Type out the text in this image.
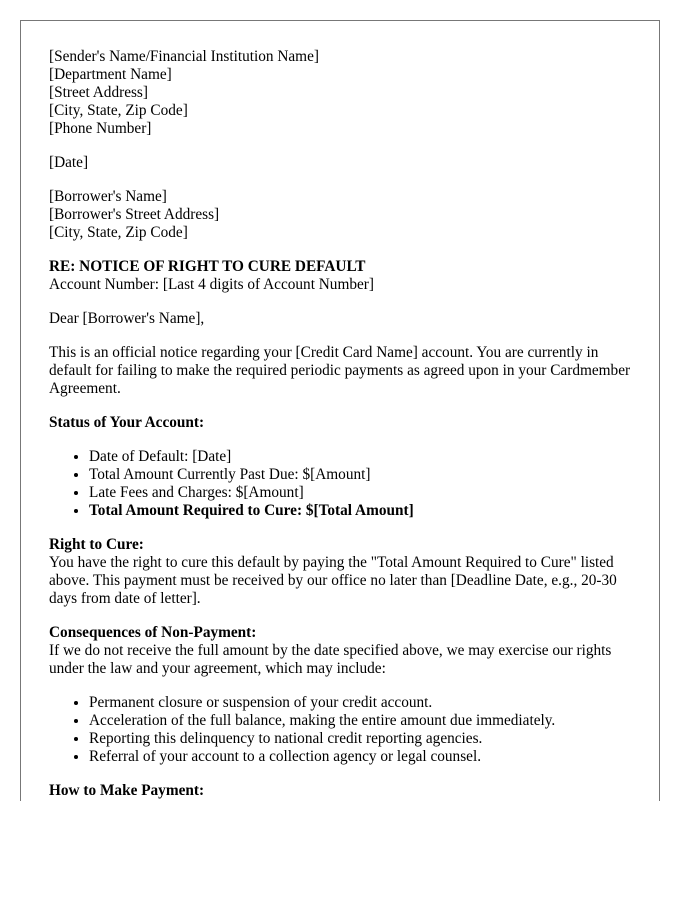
[Sender's Name/Financial Institution Name]
[Department Name]
[Street Address]
[City, State, Zip Code]
[Phone Number]
[Date]
[Borrower's Name]
[Borrower's Street Address]
[City, State, Zip Code]
RE: NOTICE OF RIGHT TO CURE DEFAULT
Account Number: [Last 4 digits of Account Number]
Dear [Borrower's Name],

This is an official notice regarding your [Credit Card Name] account. You are currently in default for failing to make the required periodic payments as agreed upon in your Cardmember Agreement.

Status of Your Account:
• Date of Default: [Date]
• Total Amount Currently Past Due: $[Amount]
• Late Fees and Charges: $[Amount]
• Total Amount Required to Cure: $[Total Amount]
Right to Cure:

You have the right to cure this default by paying the "Total Amount Required to Cure" listed above. This payment must be received by our office no later than [Deadline Date, e.g., 20-30 days from date of letter].

Consequences of Non-Payment:

If we do not receive the full amount by the date specified above, we may exercise our rights under the law and your agreement, which may include:

• Permanent closure or suspension of your credit account.
• Acceleration of the full balance, making the entire amount due immediately.
• Reporting this delinquency to national credit reporting agencies.
• Referral of your account to a collection agency or legal counsel.
How to Make Payment:
